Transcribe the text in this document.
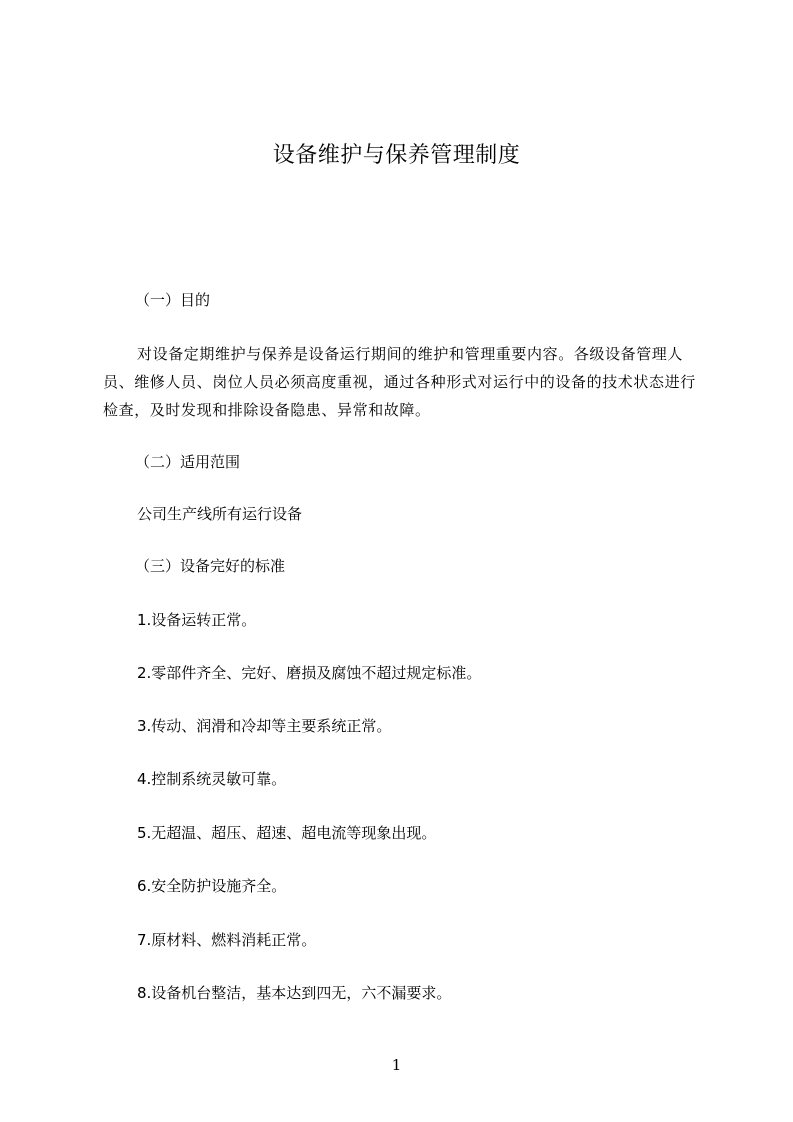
设备维护与保养管理制度
（一）目的
对设备定期维护与保养是设备运行期间的维护和管理重要内容。各级设备管理人员、维修人员、岗位人员必须高度重视，通过各种形式对运行中的设备的技术状态进行检查，及时发现和排除设备隐患、异常和故障。
（二）适用范围
公司生产线所有运行设备
（三）设备完好的标准
1.设备运转正常。
2.零部件齐全、完好、磨损及腐蚀不超过规定标准。
3.传动、润滑和冷却等主要系统正常。
4.控制系统灵敏可靠。
5.无超温、超压、超速、超电流等现象出现。
6.安全防护设施齐全。
7.原材料、燃料消耗正常。
8.设备机台整洁，基本达到四无，六不漏要求。
1
